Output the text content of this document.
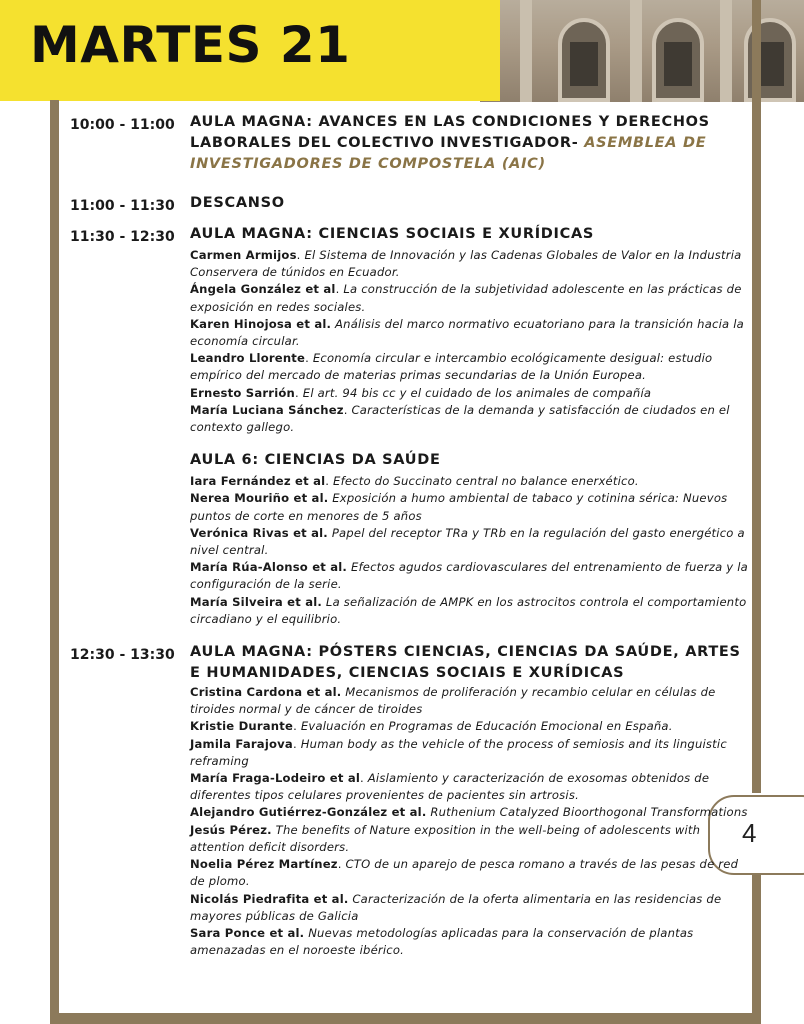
MARTES 21
4
10:00 - 11:00	AULA MAGNA: AVANCES EN LAS CONDICIONES Y DERECHOS LABORALES DEL COLECTIVO INVESTIGADOR- ASEMBLEA DE INVESTIGADORES DE COMPOSTELA (AIC)
11:00 - 11:30	DESCANSO
11:30 - 12:30	AULA MAGNA: CIENCIAS SOCIAIS E XURÍDICAS
Carmen Armijos. El Sistema de Innovación y las Cadenas Globales de Valor en la Industria Conservera de túnidos en Ecuador.
Ángela González et al. La construcción de la subjetividad adolescente en las prácticas de exposición en redes sociales.
Karen Hinojosa et al. Análisis del marco normativo ecuatoriano para la transición hacia la economía circular.
Leandro Llorente. Economía circular e intercambio ecológicamente desigual: estudio empírico del mercado de materias primas secundarias de la Unión Europea.
Ernesto Sarrión. El art. 94 bis cc y el cuidado de los animales de compañía
María Luciana Sánchez. Características de la demanda y satisfacción de ciudados en el contexto gallego.
AULA 6: CIENCIAS DA SAÚDE
Iara Fernández et al. Efecto do Succinato central no balance enerxético.
Nerea Mouriño et al. Exposición a humo ambiental de tabaco y cotinina sérica: Nuevos puntos de corte en menores de 5 años
Verónica Rivas et al. Papel del receptor TRa y TRb en la regulación del gasto energético a nivel central.
María Rúa-Alonso et al. Efectos agudos cardiovasculares del entrenamiento de fuerza y la configuración de la serie.
María Silveira et al. La señalización de AMPK en los astrocitos controla el comportamiento circadiano y el equilibrio.
12:30 - 13:30	AULA MAGNA: PÓSTERS CIENCIAS, CIENCIAS DA SAÚDE, ARTES E HUMANIDADES, CIENCIAS SOCIAIS E XURÍDICAS
Cristina Cardona et al. Mecanismos de proliferación y recambio celular en células de tiroides normal y de cáncer de tiroides
Kristie Durante. Evaluación en Programas de Educación Emocional en España.
Jamila Farajova. Human body as the vehicle of the process of semiosis and its linguistic reframing
María Fraga-Lodeiro et al. Aislamiento y caracterización de exosomas obtenidos de diferentes tipos celulares provenientes de pacientes sin artrosis.
Alejandro Gutiérrez-González et al. Ruthenium Catalyzed Bioorthogonal Transformations
Jesús Pérez. The benefits of Nature exposition in the well-being of adolescents with attention deficit disorders.
Noelia Pérez Martínez. CTO de un aparejo de pesca romano a través de las pesas de red de plomo.
Nicolás Piedrafita et al. Caracterización de la oferta alimentaria en las residencias de mayores públicas de Galicia
Sara Ponce et al. Nuevas metodologías aplicadas para la conservación de plantas amenazadas en el noroeste ibérico.
